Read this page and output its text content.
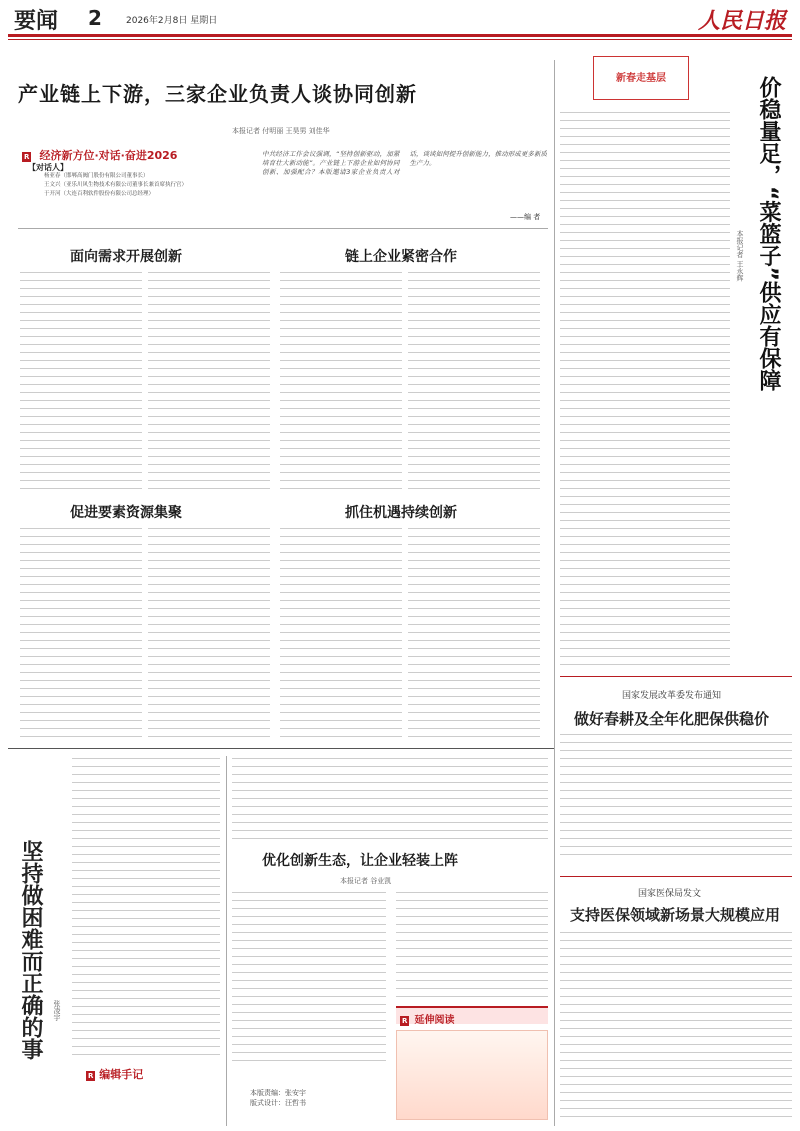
要闻 2	2026年2月8日 星期日	人民日报
产业链上下游，三家企业负责人谈协同创新
本报记者 付明丽 王昊男 刘佳华
R 经济新方位·对话·奋进2026
【对话人】
杨亚春（邯郸高阀门股份有限公司董事长）
王文兴（亚乐川风生物技术有限公司董事长兼首席执行官）
于开河（大连百利软件股份有限公司总经理）
中共经济工作会议强调，“坚持创新驱动，加紧培育壮大新动能”。产业链上下游企业如何协同创新、加强配合？本版邀请3家企业负责人对话，谈谈如何提升创新能力，推动形成更多新质生产力。
——编 者
面向需求开展创新	链上企业紧密合作
促进要素资源集聚	抓住机遇持续创新
新春走基层	价稳量足，“菜篮子”供应有保障
本报记者 王永辉
国家发展改革委发布通知
做好春耕及全年化肥保供稳价
国家医保局发文
支持医保领域新场景大规模应用
坚持做困难而正确的事 张凌宇
R 编辑手记
优化创新生态，让企业轻装上阵
本报记者 谷业凯
R 延伸阅读
本版责编：张安宇
版式设计：汪哲书
